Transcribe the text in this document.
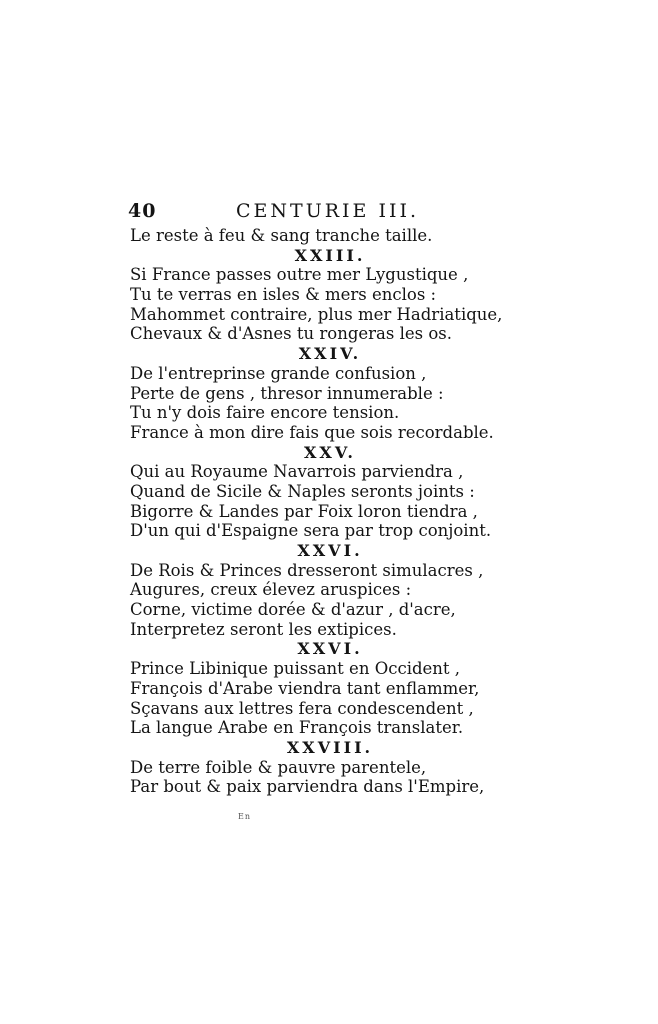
40	CENTURIE III.
Le reste à feu & sang tranche taille.
XXIII.
Si France passes outre mer Lygustique ,
Tu te verras en isles & mers enclos :
Mahommet contraire, plus mer Hadriatique,
Chevaux & d'Asnes tu rongeras les os.
XXIV.
De l'entreprinse grande confusion ,
Perte de gens , thresor innumerable :
Tu n'y dois faire encore tension.
France à mon dire fais que sois recordable.
XXV.
Qui au Royaume Navarrois parviendra ,
Quand de Sicile & Naples seronts joints :
Bigorre & Landes par Foix loron tiendra ,
D'un qui d'Espaigne sera par trop conjoint.
XXVI.
De Rois & Princes dresseront simulacres ,
Augures, creux élevez aruspices :
Corne, victime dorée & d'azur , d'acre,
Interpretez seront les extipices.
XXVI.
Prince Libinique puissant en Occident ,
François d'Arabe viendra tant enflammer,
Sçavans aux lettres fera condescendent ,
La langue Arabe en François translater.
XXVIII.
De terre foible & pauvre parentele,
Par bout & paix parviendra dans l'Empire,
En
